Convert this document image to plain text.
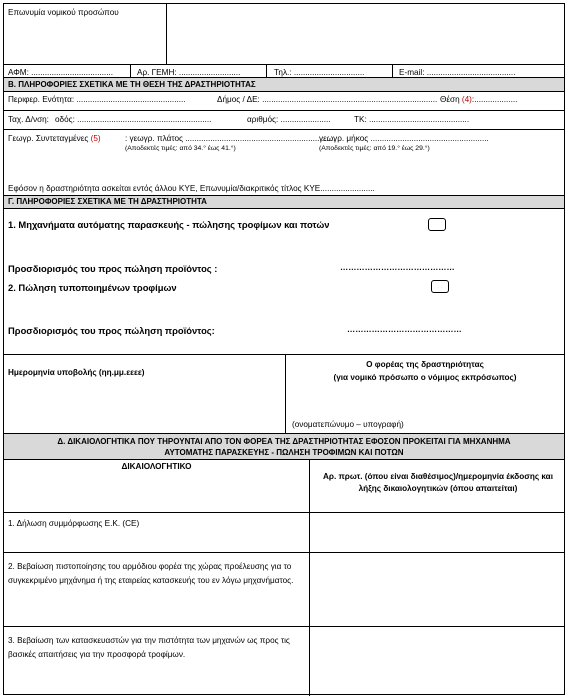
Επωνυμία νομικού προσώπου
ΑΦΜ: ....................................	Αρ. ΓΕΜΗ: ...........................	Τηλ.: ...............................	E-mail: .......................................
Β. ΠΛΗΡΟΦΟΡΙΕΣ ΣΧΕΤΙΚΑ ΜΕ ΤΗ ΘΕΣΗ ΤΗΣ ΔΡΑΣΤΗΡΙΟΤΗΤΑΣ
Περιφερ. Ενότητα: ................................................	Δήμος / ΔΕ: ............................................................................. Θέση (4):...................
Ταχ. Δ/νση: οδός: ...........................................................	αριθμός: ......................	ΤΚ: ............................................
Γεωγρ. Συντεταγμένες (5)	: γεωγρ. πλάτος ..................................................................
(Αποδεκτές τιμές: από 34.° έως 41.°)
γεωγρ. μήκος ....................................................
(Αποδεκτές τιμές: από 19.° έως 29.°)
Εφόσον η δραστηριότητα ασκείται εντός άλλου ΚΥΕ, Επωνυμία/διακριτικός τίτλος ΚΥΕ........................
Γ. ΠΛΗΡΟΦΟΡΙΕΣ ΣΧΕΤΙΚΑ ΜΕ ΤΗ ΔΡΑΣΤΗΡΙΟΤΗΤΑ
1. Μηχανήματα αυτόματης παρασκευής - πώλησης τροφίμων και ποτών
Προσδιορισμός του προς πώληση προϊόντος :	……………………………………
2. Πώληση τυποποιημένων τροφίμων
Προσδιορισμός του προς πώληση προϊόντος:	……………………………………
Ημερομηνία υποβολής (ηη.μμ.εεεε)
Ο φορέας της δραστηριότητας
(για νομικό πρόσωπο ο νόμιμος εκπρόσωπος)
(ονοματεπώνυμο – υπογραφή)
Δ. ΔΙΚΑΙΟΛΟΓΗΤΙΚΑ ΠΟΥ ΤΗΡΟΥΝΤΑΙ ΑΠΟ ΤΟΝ ΦΟΡΕΑ ΤΗΣ ΔΡΑΣΤΗΡΙΟΤΗΤΑΣ ΕΦΟΣΟΝ ΠΡΟΚΕΙΤΑΙ ΓΙΑ ΜΗΧΑΝΗΜΑ
ΑΥΤΟΜΑΤΗΣ ΠΑΡΑΣΚΕΥΗΣ - ΠΩΛΗΣΗ ΤΡΟΦΙΜΩΝ ΚΑΙ ΠΟΤΩΝ
ΔΙΚΑΙΟΛΟΓΗΤΙΚΟ
Αρ. πρωτ. (όπου είναι διαθέσιμος)/ημερομηνία έκδοσης και λήξης δικαιολογητικών (όπου απαιτείται)
1. Δήλωση συμμόρφωσης Ε.Κ. (CE)
2. Βεβαίωση πιστοποίησης του αρμόδιου φορέα της χώρας προέλευσης για το συγκεκριμένο μηχάνημα ή της εταιρείας κατασκευής του εν λόγω μηχανήματος.
3. Βεβαίωση των κατασκευαστών για την πιστότητα των μηχανών ως προς τις βασικές απαιτήσεις για την προσφορά τροφίμων.
